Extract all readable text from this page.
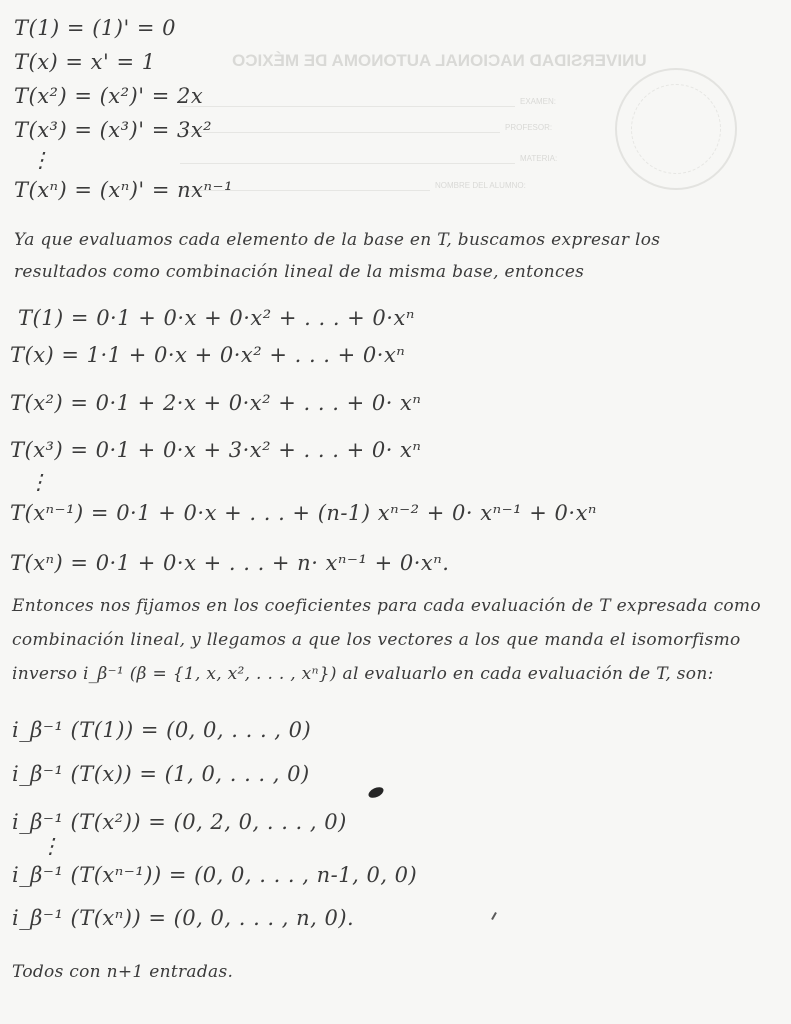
UNIVERSIDAD NACIONAL AUTONOMA DE MÉXICO
EXAMEN:
PROFESOR:
MATERIA:
NOMBRE DEL ALUMNO:
T(1) = (1)' = 0
T(x) = x' = 1
T(x²) = (x²)' = 2x
T(x³) = (x³)' = 3x²
⋮
T(xⁿ) = (xⁿ)' = nxⁿ⁻¹
Ya que evaluamos cada elemento de la base en T, buscamos expresar los
resultados como combinación lineal de la misma base, entonces
T(1) = 0·1 + 0·x + 0·x² + . . . + 0·xⁿ
T(x) = 1·1 + 0·x + 0·x² + . . . + 0·xⁿ
T(x²) = 0·1 + 2·x + 0·x² + . . . + 0· xⁿ
T(x³) = 0·1 + 0·x + 3·x² + . . . + 0· xⁿ
⋮
T(xⁿ⁻¹) = 0·1 + 0·x + . . . + (n-1) xⁿ⁻² + 0· xⁿ⁻¹ + 0·xⁿ
T(xⁿ) = 0·1 + 0·x + . . . + n· xⁿ⁻¹ + 0·xⁿ.
Entonces nos fijamos en los coeficientes para cada evaluación de T expresada como
combinación lineal, y llegamos a que los vectores a los que manda el isomorfismo
inverso i_β⁻¹ (β = {1, x, x², . . . , xⁿ}) al evaluarlo en cada evaluación de T, son:
i_β⁻¹ (T(1)) = (0, 0, . . . , 0)
i_β⁻¹ (T(x)) = (1, 0, . . . , 0)
i_β⁻¹ (T(x²)) = (0, 2, 0, . . . , 0)
⋮
i_β⁻¹ (T(xⁿ⁻¹)) = (0, 0, . . . , n-1, 0, 0)
i_β⁻¹ (T(xⁿ)) = (0, 0, . . . , n, 0).
Todos con n+1 entradas.
